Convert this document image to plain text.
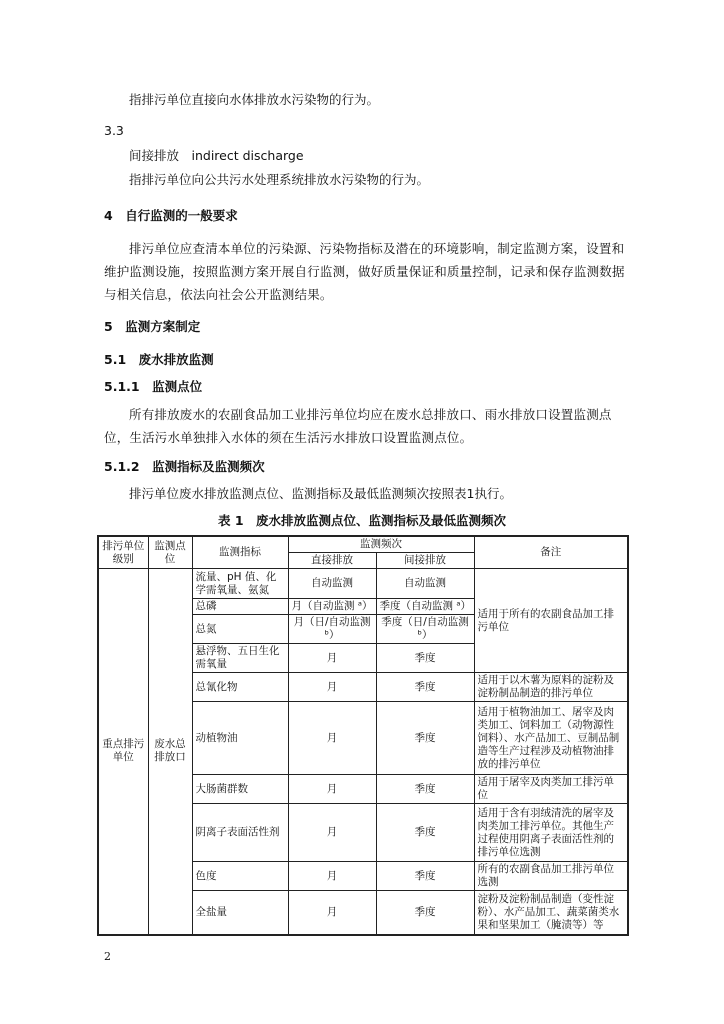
指排污单位直接向水体排放水污染物的行为。
3.3
间接排放　indirect discharge
指排污单位向公共污水处理系统排放水污染物的行为。
4　自行监测的一般要求
排污单位应查清本单位的污染源、污染物指标及潜在的环境影响，制定监测方案，设置和维护监测设施，按照监测方案开展自行监测，做好质量保证和质量控制，记录和保存监测数据与相关信息，依法向社会公开监测结果。
5　监测方案制定
5.1　废水排放监测
5.1.1　监测点位
所有排放废水的农副食品加工业排污单位均应在废水总排放口、雨水排放口设置监测点位，生活污水单独排入水体的须在生活污水排放口设置监测点位。
5.1.2　监测指标及监测频次
排污单位废水排放监测点位、监测指标及最低监测频次按照表1执行。
表 1　废水排放监测点位、监测指标及最低监测频次
排污单位级别	监测点位	监测指标	监测频次		备注
			直接排放	间接排放	
重点排污单位	废水总排放口	流量、pH 值、化学需氧量、氨氮	自动监测	自动监测	适用于所有的农副食品加工排污单位
		总磷	月（自动监测 ᵃ）	季度（自动监测 ᵃ）	
		总氮	月（日/自动监测 ᵇ）	季度（日/自动监测 ᵇ）	
		悬浮物、五日生化需氧量	月	季度	
		总氰化物	月	季度	适用于以木薯为原料的淀粉及淀粉制品制造的排污单位
		动植物油	月	季度	适用于植物油加工、屠宰及肉类加工、饲料加工（动物源性饲料）、水产品加工、豆制品制造等生产过程涉及动植物油排放的排污单位
		大肠菌群数	月	季度	适用于屠宰及肉类加工排污单位
		阴离子表面活性剂	月	季度	适用于含有羽绒清洗的屠宰及肉类加工排污单位。其他生产过程使用阴离子表面活性剂的排污单位选测
		色度	月	季度	所有的农副食品加工排污单位选测
		全盐量	月	季度	淀粉及淀粉制品制造（变性淀粉）、水产品加工、蔬菜菌类水果和坚果加工（腌渍等）等
2
